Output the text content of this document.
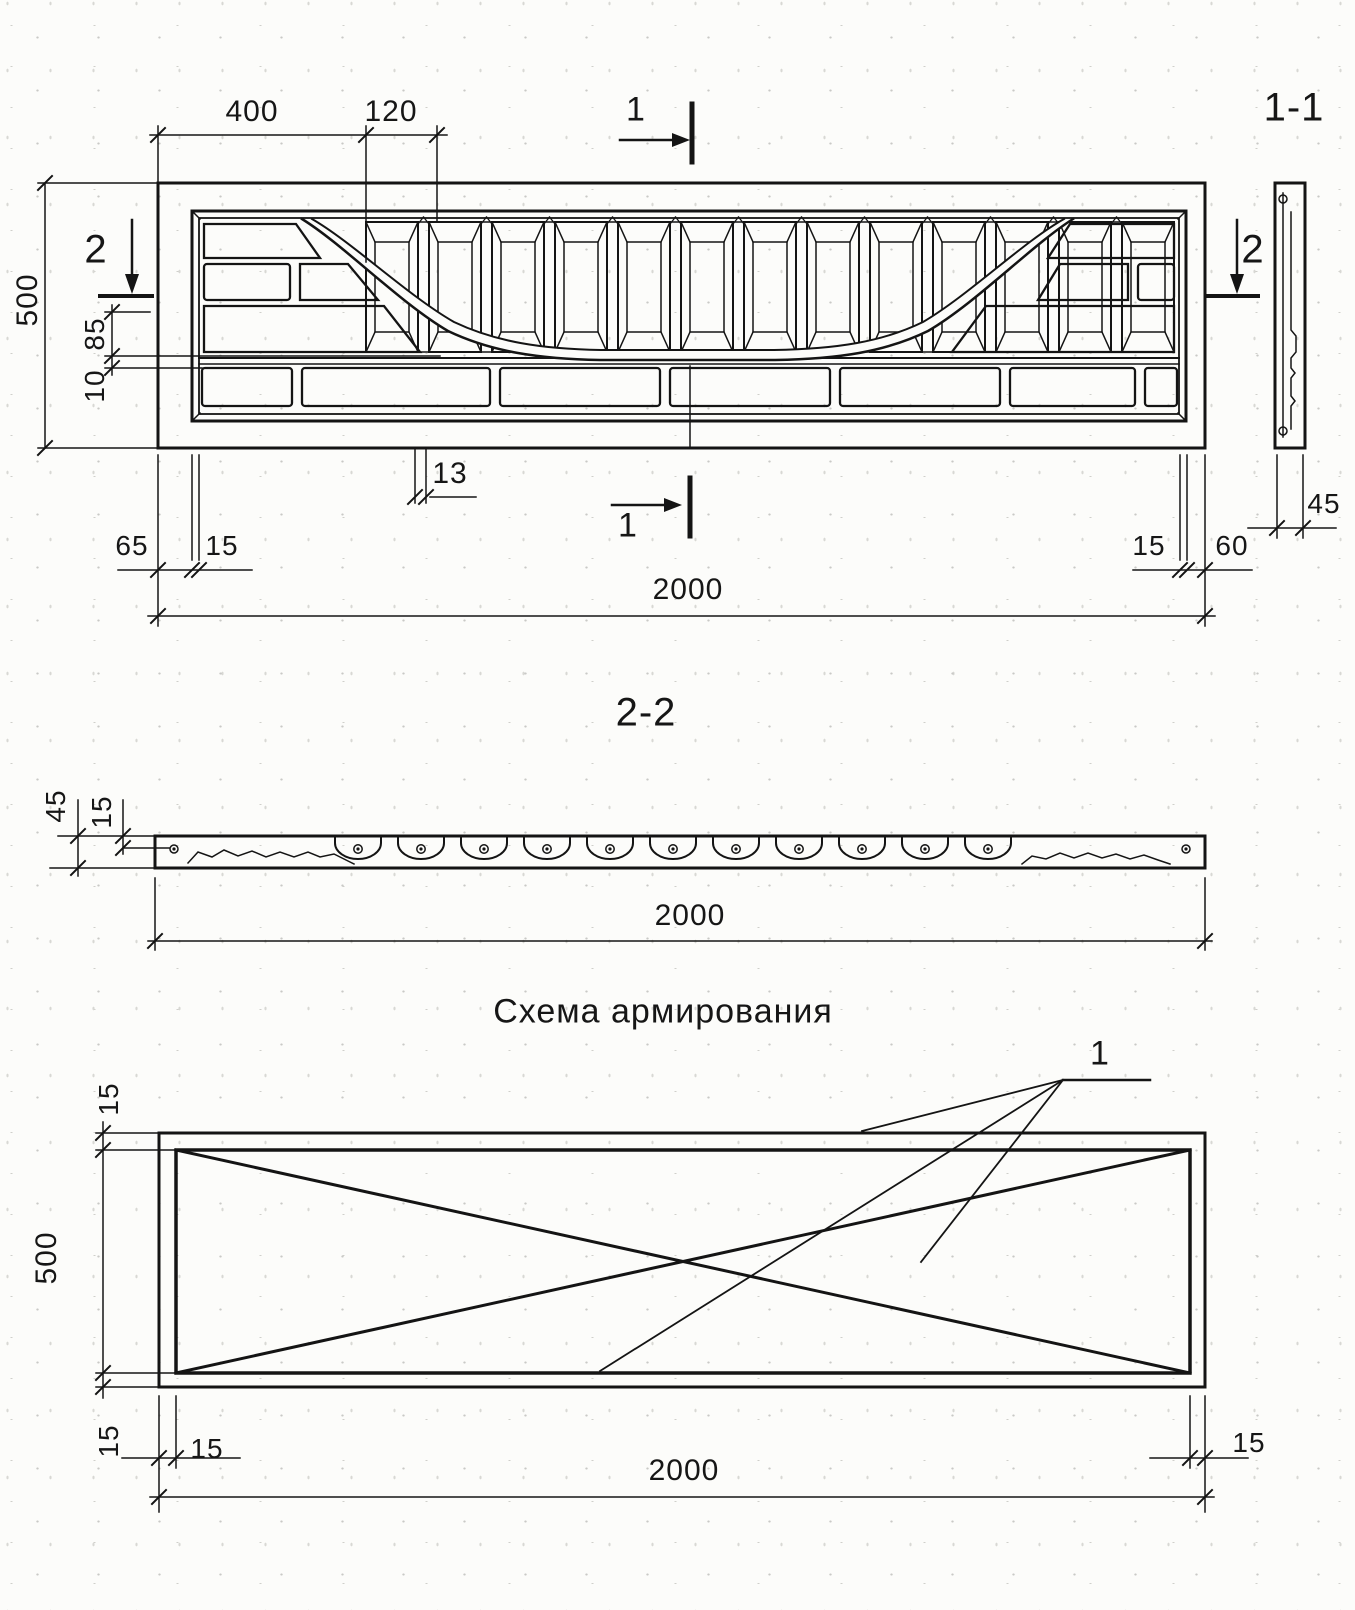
400	120	1	1-1
2
500
85
10
13
1
2
45
65 15	15 60
2000
2-2
45 15
2000
Схема армирования
1
15
500
15 15	15
2000
